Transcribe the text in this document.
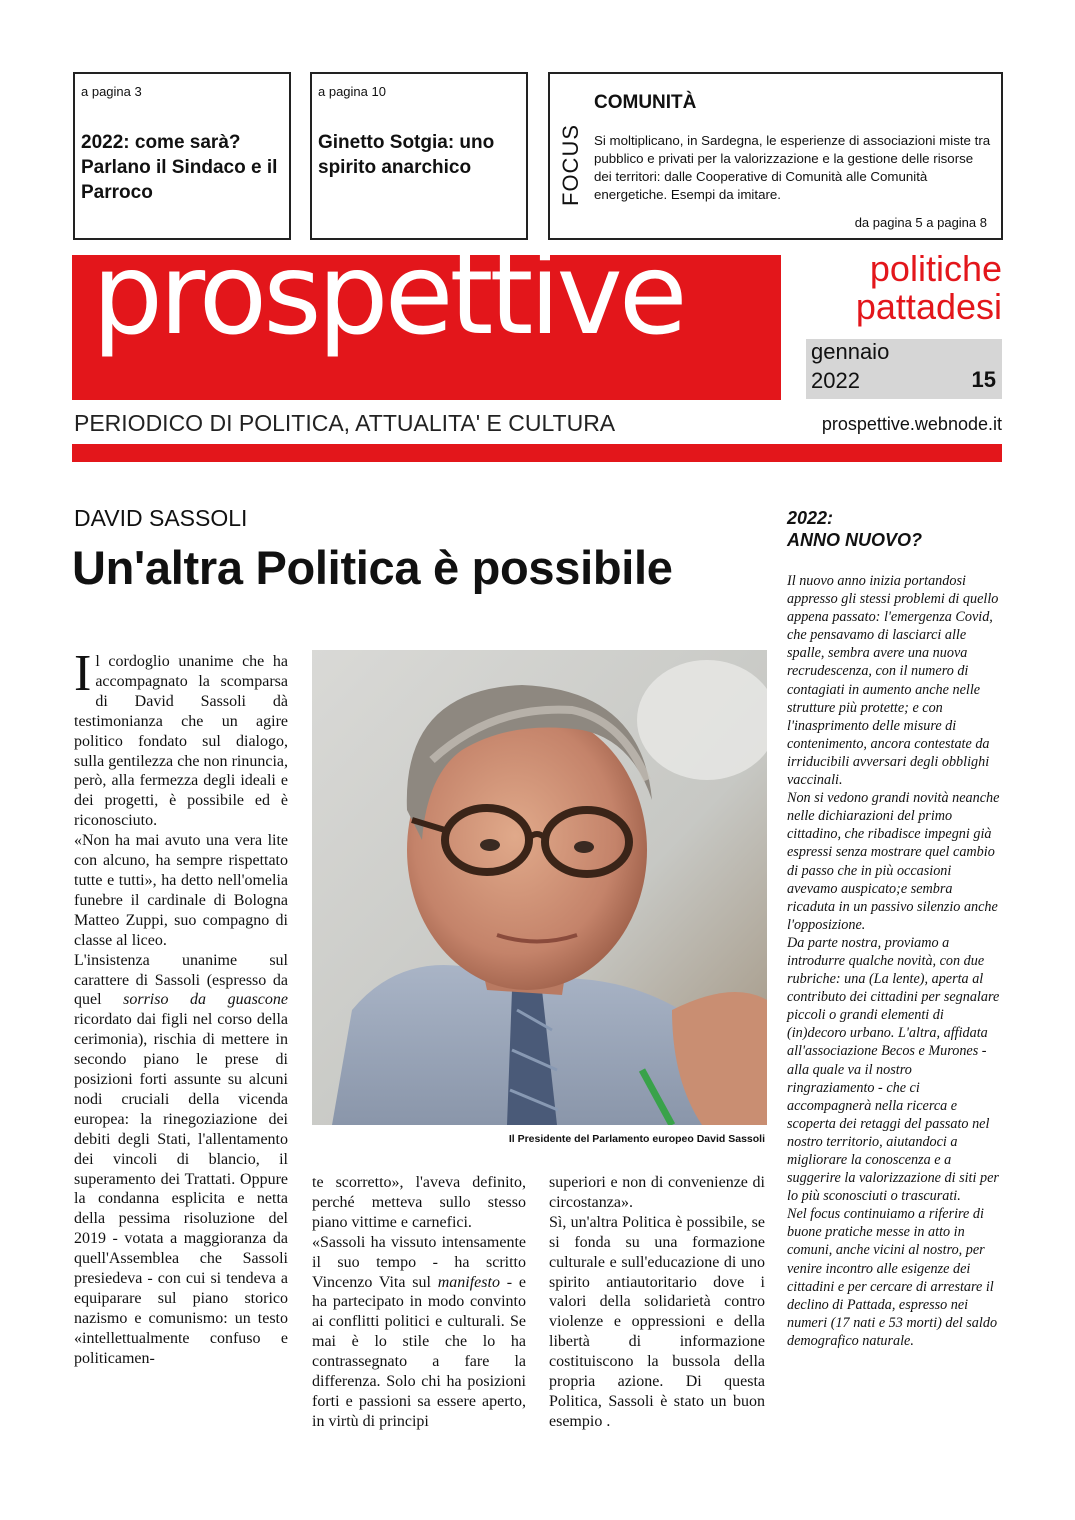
a pagina 3
2022: come sarà? Parlano il Sindaco e il Parroco
a pagina 10
Ginetto Sotgia: uno spirito anarchico	FOCUS
COMUNITÀ
Si moltiplicano, in Sardegna, le esperienze di associazioni miste tra pubblico e privati per la valorizzazione e la gestione delle risorse dei territori: dalle Cooperative di Comunità alle Comunità energetiche. Esempi da imitare.
da pagina 5 a pagina 8
prospettive	politiche
pattadesi
gennaio
2022	15
PERIODICO DI POLITICA, ATTUALITA' E CULTURA	prospettive.webnode.it
DAVID SASSOLI
Un'altra Politica è possibile

Il cordoglio unanime che ha accompagnato la scomparsa di David Sassoli dà testimonianza che un agire politico fondato sul dialogo, sulla gentilezza che non rinuncia, però, alla fermezza degli ideali e dei progetti, è possibile ed è riconosciuto.

«Non ha mai avuto una vera lite con alcuno, ha sempre rispettato tutte e tutti», ha detto nell'omelia funebre il cardinale di Bologna Matteo Zuppi, suo compagno di classe al liceo.

L'insistenza unanime sul carattere di Sassoli (espresso da quel sorriso da guascone ricordato dai figli nel corso della cerimonia), rischia di mettere in secondo piano le prese di posizioni forti assunte su alcuni nodi cruciali della vicenda europea: la rinegoziazione dei debiti degli Stati, l'allentamento dei vincoli di blancio, il superamento dei Trattati. Oppure la condanna esplicita e netta della pessima risoluzione del 2019 - votata a maggioranza da quell'Assemblea che Sassoli presiedeva - con cui si tendeva a equiparare sul piano storico nazismo e comunismo: un testo «intellettualmente confuso e politicamen-

Il Presidente del Parlamento europeo David Sassoli

te scorretto», l'aveva definito, perché metteva sullo stesso piano vittime e carnefici.

«Sassoli ha vissuto intensamente il suo tempo - ha scritto Vincenzo Vita sul manifesto - e ha partecipato in modo convinto ai conflitti politici e culturali. Se mai è lo stile che lo ha contrassegnato a fare la differenza. Solo chi ha posizioni forti e passioni sa essere aperto, in virtù di principi

superiori e non di convenienze di circostanza».

Sì, un'altra Politica è possibile, se si fonda su una formazione culturale e sull'educazione di uno spirito antiautoritario dove i valori della solidarietà contro violenze e oppressioni e della libertà di informazione costituiscono la bussola della propria azione. Di questa Politica, Sassoli è stato un buon esempio .

2022:
ANNO NUOVO?

Il nuovo anno inizia portandosi appresso gli stessi problemi di quello appena passato: l'emergenza Covid, che pensavamo di lasciarci alle spalle, sembra avere una nuova recrudescenza, con il numero di contagiati in aumento anche nelle strutture più protette; e con l'inasprimento delle misure di contenimento, ancora contestate da irriducibili avversari degli obblighi vaccinali.

Non si vedono grandi novità neanche nelle dichiarazioni del primo cittadino, che ribadisce impegni già espressi senza mostrare quel cambio di passo che in più occasioni avevamo auspicato;e sembra ricaduta in un passivo silenzio anche l'opposizione.

Da parte nostra, proviamo a introdurre qualche novità, con due rubriche: una (La lente), aperta al contributo dei cittadini per segnalare piccoli o grandi elementi di (in)decoro urbano. L'altra, affidata all'associazione Becos e Murones - alla quale va il nostro ringraziamento - che ci accompagnerà nella ricerca e scoperta dei retaggi del passato nel nostro territorio, aiutandoci a migliorare la conoscenza e a suggerire la valorizzazione di siti per lo più sconosciuti o trascurati.

Nel focus continuiamo a riferire di buone pratiche messe in atto in comuni, anche vicini al nostro, per venire incontro alle esigenze dei cittadini e per cercare di arrestare il declino di Pattada, espresso nei numeri (17 nati e 53 morti) del saldo demografico naturale.
